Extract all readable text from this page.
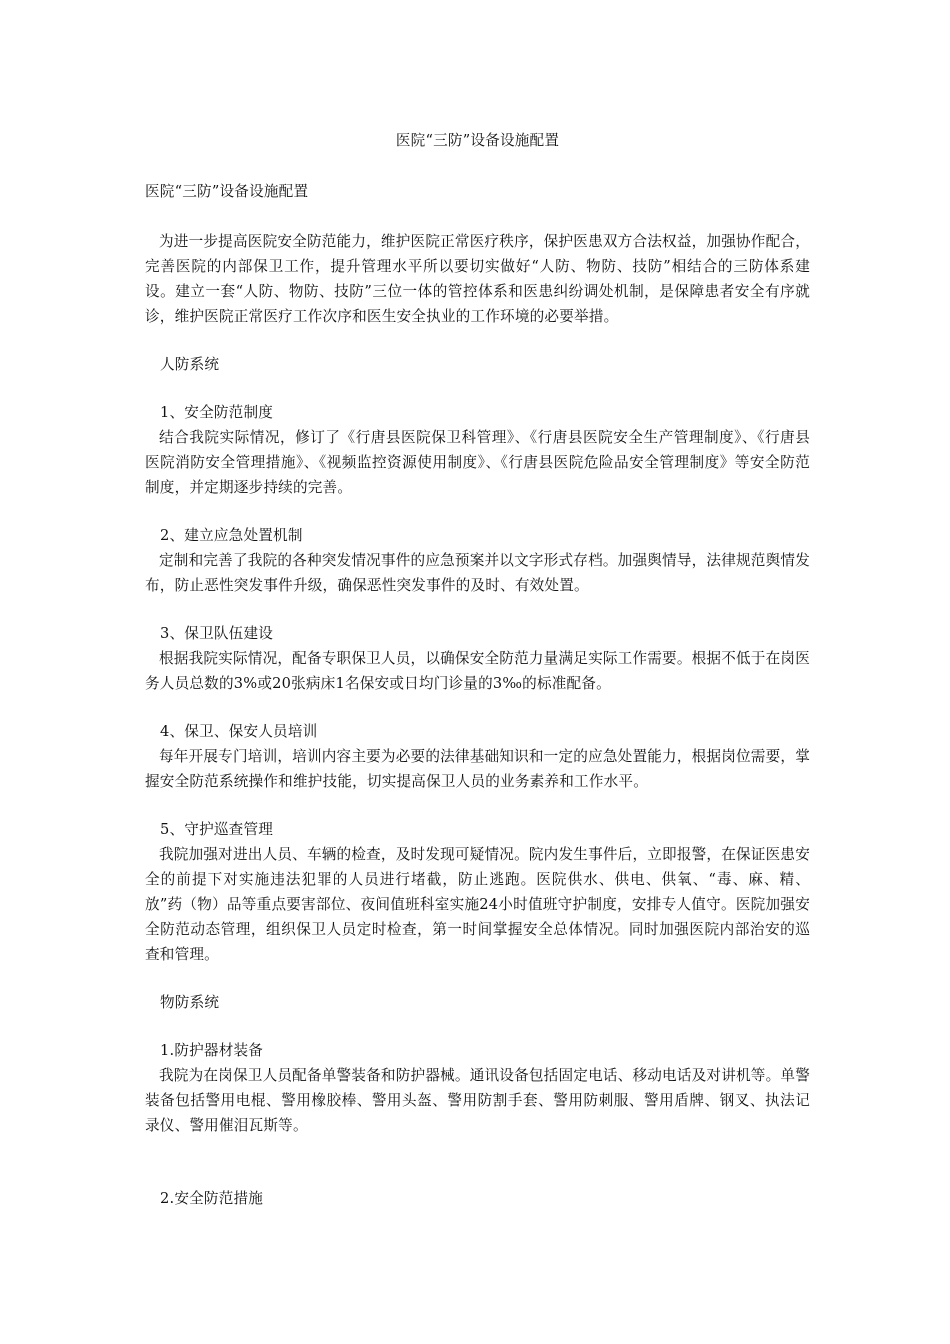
医院“三防”设备设施配置
医院“三防”设备设施配置

为进一步提高医院安全防范能力，维护医院正常医疗秩序，保护医患双方合法权益，加强协作配合，完善医院的内部保卫工作，提升管理水平所以要切实做好“人防、物防、技防”相结合的三防体系建设。建立一套“人防、物防、技防”三位一体的管控体系和医患纠纷调处机制，是保障患者安全有序就诊，维护医院正常医疗工作次序和医生安全执业的工作环境的必要举措。

人防系统

1、安全防范制度

结合我院实际情况，修订了《行唐县医院保卫科管理》、《行唐县医院安全生产管理制度》、《行唐县医院消防安全管理措施》、《视频监控资源使用制度》、《行唐县医院危险品安全管理制度》等安全防范制度，并定期逐步持续的完善。

2、建立应急处置机制

定制和完善了我院的各种突发情况事件的应急预案并以文字形式存档。加强舆情导，法律规范舆情发布，防止恶性突发事件升级，确保恶性突发事件的及时、有效处置。

3、保卫队伍建设

根据我院实际情况，配备专职保卫人员，以确保安全防范力量满足实际工作需要。根据不低于在岗医务人员总数的3%或20张病床1名保安或日均门诊量的3‰的标准配备。

4、保卫、保安人员培训

每年开展专门培训，培训内容主要为必要的法律基础知识和一定的应急处置能力，根据岗位需要，掌握安全防范系统操作和维护技能，切实提高保卫人员的业务素养和工作水平。

5、守护巡查管理

我院加强对进出人员、车辆的检查，及时发现可疑情况。院内发生事件后，立即报警，在保证医患安全的前提下对实施违法犯罪的人员进行堵截，防止逃跑。医院供水、供电、供氧、“毒、麻、精、放”药（物）品等重点要害部位、夜间值班科室实施24小时值班守护制度，安排专人值守。医院加强安全防范动态管理，组织保卫人员定时检查，第一时间掌握安全总体情况。同时加强医院内部治安的巡查和管理。

物防系统

1.防护器材装备

我院为在岗保卫人员配备单警装备和防护器械。通讯设备包括固定电话、移动电话及对讲机等。单警装备包括警用电棍、警用橡胶棒、警用头盔、警用防割手套、警用防刺服、警用盾牌、钢叉、执法记录仪、警用催泪瓦斯等。

2.安全防范措施
